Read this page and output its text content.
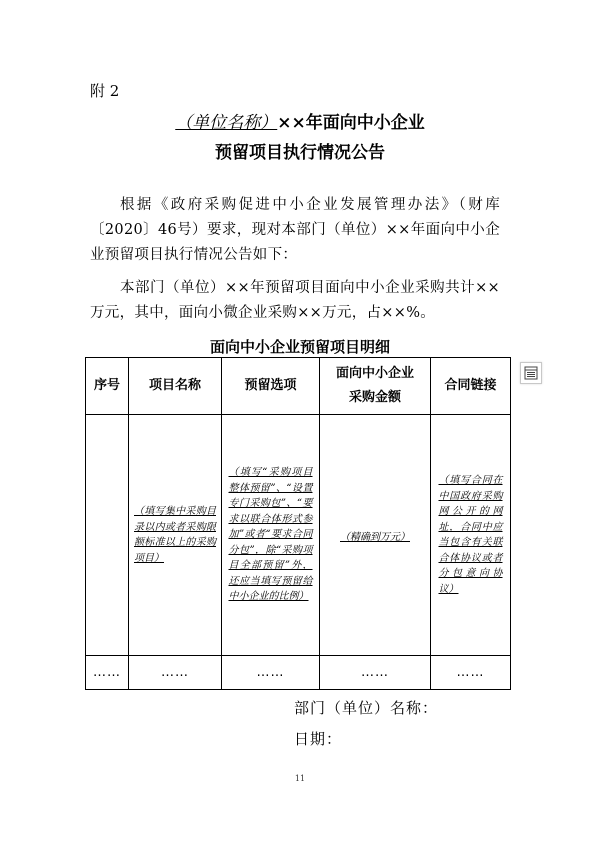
附 2
（单位名称）××年面向中小企业
预留项目执行情况公告
根据《政府采购促进中小企业发展管理办法》（财库〔2020〕46号）要求，现对本部门（单位）××年面向中小企业预留项目执行情况公告如下：
本部门（单位）××年预留项目面向中小企业采购共计××万元，其中，面向小微企业采购××万元，占××%。
面向中小企业预留项目明细
序号	项目名称	预留选项	面向中小企业采购金额	合同链接
	（填写集中采购目录以内或者采购限额标准以上的采购项目）	（填写“采购项目整体预留”、“设置专门采购包”、“要求以联合体形式参加”或者“要求合同分包”，除“采购项目全部预留”外，还应当填写预留给中小企业的比例）	（精确到万元）	（填写合同在中国政府采购网公开的网址，合同中应当包含有关联合体协议或者分包意向协议）
……	……	……	……	……
部门（单位）名称：
日期：
11
